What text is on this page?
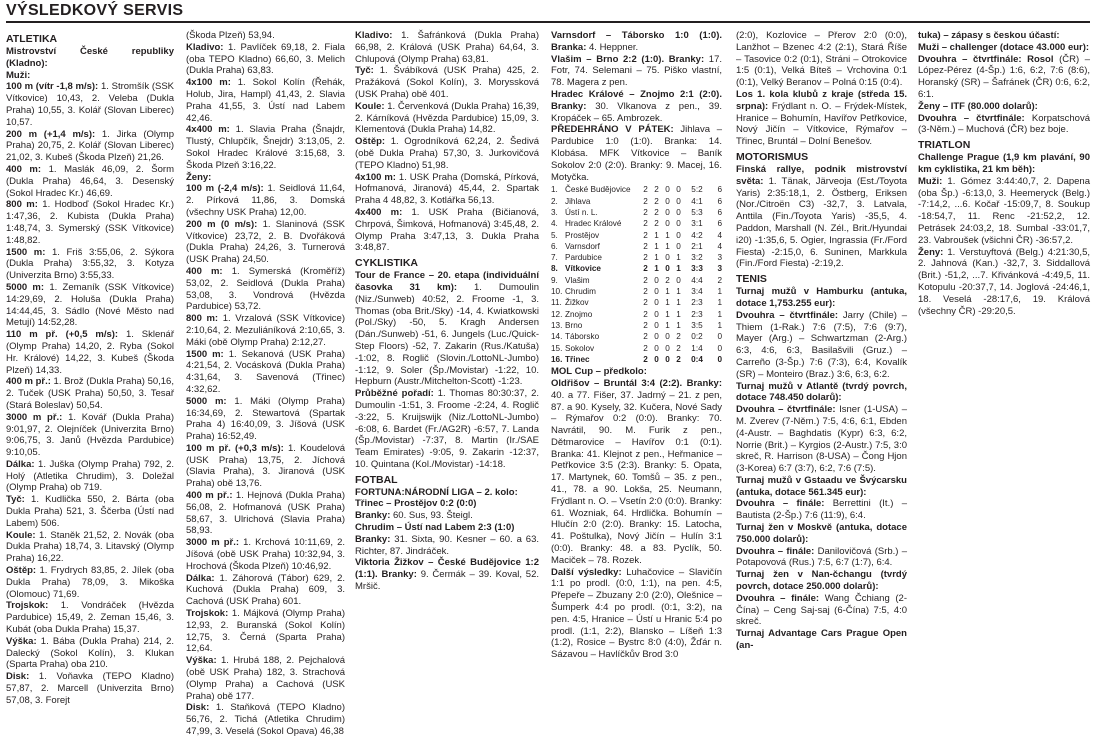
VÝSLEDKOVÝ SERVIS

ATLETIKA

Mistrovství České republiky (Kladno):

Muži:

100 m (vítr -1,8 m/s): 1. Stromšík (SSK Vítkovice) 10,43, 2. Veleba (Dukla Praha) 10,55, 3. Kolář (Slovan Liberec) 10,57.

200 m (+1,4 m/s): 1. Jirka (Olymp Praha) 20,75, 2. Kolář (Slovan Liberec) 21,02, 3. Kubeš (Škoda Plzeň) 21,26.

400 m: 1. Maslák 46,09, 2. Šorm (Dukla Praha) 46,64, 3. Desenský (Sokol Hradec Kr.) 46,69.

800 m: 1. Hodboď (Sokol Hradec Kr.) 1:47,36, 2. Kubista (Dukla Praha) 1:48,74, 3. Symerský (SSK Vítkovice) 1:48,82.

1500 m: 1. Friš 3:55,06, 2. Sýkora (Dukla Praha) 3:55,32, 3. Kotyza (Univerzita Brno) 3:55,33.

5000 m: 1. Zemaník (SSK Vítkovice) 14:29,69, 2. Holuša (Dukla Praha) 14:44,45, 3. Sádlo (Nové Město nad Metují) 14:52,28.

110 m př. (+0,5 m/s): 1. Sklenář (Olymp Praha) 14,20, 2. Ryba (Sokol Hr. Králové) 14,22, 3. Kubeš (Škoda Plzeň) 14,33.

400 m př.: 1. Brož (Dukla Praha) 50,16, 2. Tuček (USK Praha) 50,50, 3. Tesař (Stará Boleslav) 50,54.

3000 m př.: 1. Kovář (Dukla Praha) 9:01,97, 2. Olejníček (Univerzita Brno) 9:06,75, 3. Janů (Hvězda Pardubice) 9:10,05.

Dálka: 1. Juška (Olymp Praha) 792, 2. Holý (Atletika Chrudim), 3. Doležal (Olymp Praha) ob 719.

Tyč: 1. Kudlička 550, 2. Bárta (oba Dukla Praha) 521, 3. Ščerba (Ústí nad Labem) 506.

Koule: 1. Staněk 21,52, 2. Novák (oba Dukla Praha) 18,74, 3. Litavský (Olymp Praha) 16,22.

Oštěp: 1. Frydrych 83,85, 2. Jílek (oba Dukla Praha) 78,09, 3. Mikoška (Olomouc) 71,69.

Trojskok: 1. Vondráček (Hvězda Pardubice) 15,49, 2. Zeman 15,46, 3. Kubát (oba Dukla Praha) 15,37.

Výška: 1. Bába (Dukla Praha) 214, 2. Dalecký (Sokol Kolín), 3. Klukan (Sparta Praha) oba 210.

Disk: 1. Voňavka (TEPO Kladno) 57,87, 2. Marcell (Univerzita Brno) 57,08, 3. Forejt

(Škoda Plzeň) 53,94.

Kladivo: 1. Pavlíček 69,18, 2. Fiala (oba TEPO Kladno) 66,60, 3. Melich (Dukla Praha) 63,83.

4x100 m: 1. Sokol Kolín (Řehák, Holub, Jira, Hampl) 41,43, 2. Slavia Praha 41,55, 3. Ústí nad Labem 42,46.

4x400 m: 1. Slavia Praha (Šnajdr, Tlustý, Chlupčík, Šnejdr) 3:13,05, 2. Sokol Hradec Králové 3:15,68, 3. Škoda Plzeň 3:16,22.

Ženy:

100 m (-2,4 m/s): 1. Seidlová 11,64, 2. Pírková 11,86, 3. Domská (všechny USK Praha) 12,00.

200 m (0 m/s): 1. Slaninová (SSK Vítkovice) 23,72, 2. B. Dvořáková (Dukla Praha) 24,26, 3. Turnerová (USK Praha) 24,50.

400 m: 1. Symerská (Kroměříž) 53,02, 2. Seidlová (Dukla Praha) 53,08, 3. Vondrová (Hvězda Pardubice) 53,72.

800 m: 1. Vrzalová (SSK Vítkovice) 2:10,64, 2. Mezuliáníková 2:10,65, 3. Máki (obě Olymp Praha) 2:12,27.

1500 m: 1. Sekanová (USK Praha) 4:21,54, 2. Vocásková (Dukla Praha) 4:31,64, 3. Savenová (Třinec) 4:32,62.

5000 m: 1. Máki (Olymp Praha) 16:34,69, 2. Stewartová (Spartak Praha 4) 16:40,09, 3. Jíšová (USK Praha) 16:52,49.

100 m př. (+0,3 m/s): 1. Koudelová (USK Praha) 13,75, 2. Jíchová (Slavia Praha), 3. Jiranová (USK Praha) obě 13,76.

400 m př.: 1. Hejnová (Dukla Praha) 56,08, 2. Hofmanová (USK Praha) 58,67, 3. Ulrichová (Slavia Praha) 58,93.

3000 m př.: 1. Krchová 10:11,69, 2. Jíšová (obě USK Praha) 10:32,94, 3. Hrochová (Škoda Plzeň) 10:46,92.

Dálka: 1. Záhorová (Tábor) 629, 2. Kuchová (Dukla Praha) 609, 3. Cachová (USK Praha) 601.

Trojskok: 1. Májková (Olymp Praha) 12,93, 2. Buranská (Sokol Kolín) 12,75, 3. Černá (Sparta Praha) 12,64.

Výška: 1. Hrubá 188, 2. Pejchalová (obě USK Praha) 182, 3. Strachová (Olymp Praha) a Cachová (USK Praha) obě 177.

Disk: 1. Staňková (TEPO Kladno) 56,76, 2. Tichá (Atletika Chrudim) 47,99, 3. Veselá (Sokol Opava) 46,38

Kladivo: 1. Šafránková (Dukla Praha) 66,98, 2. Králová (USK Praha) 64,64, 3. Chlupová (Olymp Praha) 63,81.

Tyč: 1. Švábíková (USK Praha) 425, 2. Pražáková (Sokol Kolín), 3. Moryssková (USK Praha) obě 401.

Koule: 1. Červenková (Dukla Praha) 16,39, 2. Kárníková (Hvězda Pardubice) 15,09, 3. Klementová (Dukla Praha) 14,82.

Oštěp: 1. Ogrodníková 62,24, 2. Šedivá (obě Dukla Praha) 57,30, 3. Jurkovičová (TEPO Kladno) 51,98.

4x100 m: 1. USK Praha (Domská, Pírková, Hofmanová, Jiranová) 45,44, 2. Spartak Praha 4 48,82, 3. Kotlářka 56,13.

4x400 m: 1. USK Praha (Bičianová, Chrpová, Šimková, Hofmanová) 3:45,48, 2. Olymp Praha 3:47,13, 3. Dukla Praha 3:48,87.

CYKLISTIKA

Tour de France – 20. etapa (individuální časovka 31 km): 1. Dumoulin (Niz./Sunweb) 40:52, 2. Froome -1, 3. Thomas (oba Brit./Sky) -14, 4. Kwiatkowski (Pol./Sky) -50, 5. Kragh Andersen (Dán./Sunweb) -51, 6. Jungels (Luc./Quick-Step Floors) -52, 7. Zakarin (Rus./Katuša) -1:02, 8. Roglič (Slovin./LottoNL-Jumbo) -1:12, 9. Soler (Šp./Movistar) -1:22, 10. Hepburn (Austr./Mitchelton-Scott) -1:23.

Průběžné pořadí: 1. Thomas 80:30:37, 2. Dumoulin -1:51, 3. Froome -2:24, 4. Roglič -3:22, 5. Kruijswijk (Niz./LottoNL-Jumbo) -6:08, 6. Bardet (Fr./AG2R) -6:57, 7. Landa (Šp./Movistar) -7:37, 8. Martin (Ir./SAE Team Emirates) -9:05, 9. Zakarin -12:37, 10. Quintana (Kol./Movistar) -14:18.

FOTBAL

FORTUNA:NÁRODNÍ LIGA – 2. kolo:

Třinec – Prostějov 0:2 (0:0)

Branky: 60. Sus, 93. Šteigl.

Chrudim – Ústí nad Labem 2:3 (1:0)

Branky: 31. Sixta, 90. Kesner – 60. a 63. Richter, 87. Jindráček.

Viktoria Žižkov – České Budějovice 1:2 (1:1). Branky: 9. Čermák – 39. Koval, 52. Mršič.

Varnsdorf – Táborsko 1:0 (1:0). Branka: 4. Heppner.

Vlašim – Brno 2:2 (1:0). Branky: 17. Fotr, 74. Selemani – 75. Piško vlastní, 78. Magera z pen.

Hradec Králové – Znojmo 2:1 (2:0). Branky: 30. Vlkanova z pen., 39. Kropáček – 65. Ambrozek.

PŘEDEHRÁNO V PÁTEK: Jihlava – Pardubice 1:0 (1:0). Branka: 14. Klobása. MFK Vítkovice – Baník Sokolov 2:0 (2:0). Branky: 9. Macej, 16. Motyčka.

1.	České Budějovice	2	2	0	0	5:2	6
2.	Jihlava	2	2	0	0	4:1	6
3.	Ústí n. L.	2	2	0	0	5:3	6
4.	Hradec Králové	2	2	0	0	3:1	6
5.	Prostějov	2	1	1	0	4:2	4
6.	Varnsdorf	2	1	1	0	2:1	4
7.	Pardubice	2	1	0	1	3:2	3
8.	Vítkovice	2	1	0	1	3:3	3
9.	Vlašim	2	0	2	0	4:4	2
10.	Chrudim	2	0	1	1	3:4	1
11.	Žižkov	2	0	1	1	2:3	1
12.	Znojmo	2	0	1	1	2:3	1
13.	Brno	2	0	1	1	3:5	1
14.	Táborsko	2	0	0	2	0:2	0
15.	Sokolov	2	0	0	2	1:4	0
16.	Třinec	2	0	0	2	0:4	0

MOL Cup – předkolo:

Oldřišov – Bruntál 3:4 (2:2). Branky: 40. a 77. Fišer, 37. Jadrný – 21. z pen, 87. a 90. Kysely, 32. Kučera, Nové Sady – Rýmařov 0:2 (0:0). Branky: 70. Navrátil, 90. M. Furik z pen., Dětmarovice – Havířov 0:1 (0:1). Branka: 41. Klejnot z pen., Heřmanice – Petřkovice 3:5 (2:3). Branky: 5. Opata, 17. Martynek, 60. Tomšů – 35. z pen., 41., 78. a 90. Lokša, 25. Neumann, Frýdlant n. O. – Vsetín 2:0 (0:0). Branky: 61. Wozniak, 64. Hrdlička. Bohumín – Hlučín 2:0 (2:0). Branky: 15. Latocha, 41. Poštulka), Nový Jičín – Hulín 3:1 (0:0). Branky: 48. a 83. Pyclík, 50. Maciček – 78. Rozek.

Další výsledky: Luhačovice – Slavičín 1:1 po prodl. (0:0, 1:1), na pen. 4:5, Přepeře – Zbuzany 2:0 (2:0), Olešnice – Šumperk 4:4 po prodl. (0:1, 3:2), na pen. 4:5, Hranice – Ústí u Hranic 5:4 po prodl. (1:1, 2:2), Blansko – Líšeň 1:3 (1:2), Rosice – Bystrc 8:0 (4:0), Žďár n. Sázavou – Havlíčkův Brod 3:0

(2:0), Kozlovice – Přerov 2:0 (0:0), Lanžhot – Bzenec 4:2 (2:1), Stará Říše – Tasovice 0:2 (0:1), Stráni – Otrokovice 1:5 (0:1), Velká Bíteš – Vrchovina 0:1 (0:1), Velký Beranov – Polná 0:15 (0:4).

Los 1. kola klubů z kraje (středa 15. srpna): Frýdlant n. O. – Frýdek-Místek, Hranice – Bohumín, Havířov Petřkovice, Nový Jičín – Vítkovice, Rýmařov – Třinec, Bruntál – Dolní Benešov.

MOTORISMUS

Finská rallye, podnik mistrovství světa: 1. Tänak, Järveoja (Est./Toyota Yaris) 2:35:18,1, 2. Östberg, Eriksen (Nor./Citroën C3) -32,7, 3. Latvala, Anttila (Fin./Toyota Yaris) -35,5, 4. Paddon, Marshall (N. Zél., Brit./Hyundai i20) -1:35,6, 5. Ogier, Ingrassia (Fr./Ford Fiesta) -2:15,0, 6. Suninen, Markkula (Fin./Ford Fiesta) -2:19,2.

TENIS

Turnaj mužů v Hamburku (antuka, dotace 1,753.255 eur):

Dvouhra – čtvrtfinále: Jarry (Chile) – Thiem (1-Rak.) 7:6 (7:5), 7:6 (9:7), Mayer (Arg.) – Schwartzman (2-Arg.) 6:3, 4:6, 6:3, Basilašvili (Gruz.) – Carreño (3-Šp.) 7:6 (7:3), 6:4, Kovalík (SR) – Monteiro (Braz.) 3:6, 6:3, 6:2.

Turnaj mužů v Atlantě (tvrdý povrch, dotace 748.450 dolarů):

Dvouhra – čtvrtfinále: Isner (1-USA) – M. Zverev (7-Něm.) 7:5, 4:6, 6:1, Ebden (4-Austr. – Baghdatis (Kypr) 6:3, 6:2, Norrie (Brit.) – Kyrgios (2-Austr.) 7:5, 3:0 skreč, R. Harrison (8-USA) – Čong Hjon (3-Korea) 6:7 (3:7), 6:2, 7:6 (7:5).

Turnaj mužů v Gstaadu ve Švýcarsku (antuka, dotace 561.345 eur):

Dvouhra – finále: Berrettini (It.) – Bautista (2-Šp.) 7:6 (11:9), 6:4.

Turnaj žen v Moskvě (antuka, dotace 750.000 dolarů):

Dvouhra – finále: Danilovičová (Srb.) – Potapovová (Rus.) 7:5, 6:7 (1:7), 6:4.

Turnaj žen v Nan-čchangu (tvrdý povrch, dotace 250.000 dolarů):

Dvouhra – finále: Wang Čchiang (2-Čína) – Ceng Saj-saj (6-Čína) 7:5, 4:0 skreč.

Turnaj Advantage Cars Prague Open (an-

tuka) – zápasy s českou účastí:

Muži – challenger (dotace 43.000 eur):

Dvouhra – čtvrtfinále: Rosol (ČR) – López-Pérez (4-Šp.) 1:6, 6:2, 7:6 (8:6), Horanský (SR) – Šafránek (ČR) 0:6, 6:2, 6:1.

Ženy – ITF (80.000 dolarů):

Dvouhra – čtvrtfinále: Korpatschová (3-Něm.) – Muchová (ČR) bez boje.

TRIATLON

Challenge Prague (1,9 km plavání, 90 km cyklistika, 21 km běh):

Muži: 1. Gómez 3:44:40,7, 2. Dapena (oba Šp.) -6:13,0, 3. Heemeryck (Belg.) -7:14,2, ...6. Kočař -15:09,7, 8. Soukup -18:54,7, 11. Renc -21:52,2, 12. Petrásek 24:03,2, 18. Sumbal -33:01,7, 23. Vabroušek (všichni ČR) -36:57,2.

Ženy: 1. Verstuyftová (Belg.) 4:21:30,5, 2. Jahnová (Kan.) -32,7, 3. Siddallová (Brit.) -51,2, ...7. Křivánková -4:49,5, 11. Kotopulu -20:37,7, 14. Joglová -24:46,1, 18. Veselá -28:17,6, 19. Králová (všechny ČR) -29:20,5.
